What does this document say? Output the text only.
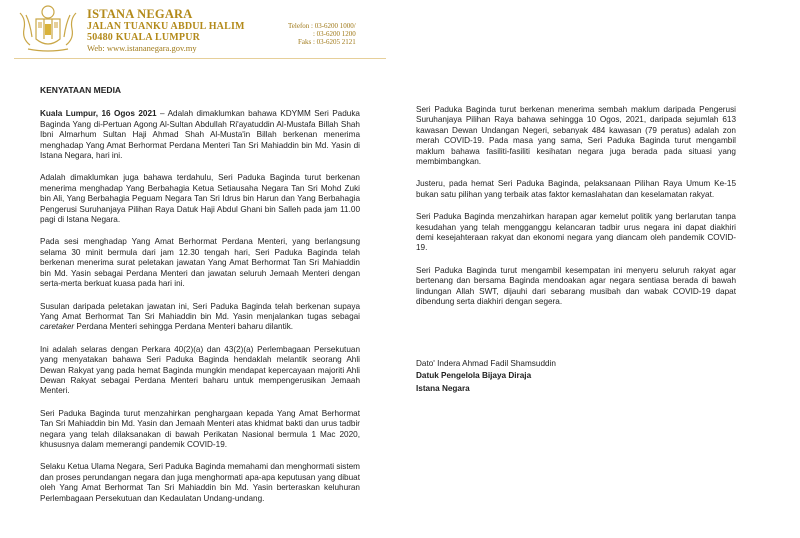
ISTANA NEGARA
JALAN TUANKU ABDUL HALIM
50480 KUALA LUMPUR
Web: www.istananegara.gov.my
Telefon : 03-6200 1000/
: 03-6200 1200
Faks : 03-6205 2121

KENYATAAN MEDIA

Kuala Lumpur, 16 Ogos 2021 – Adalah dimaklumkan bahawa KDYMM Seri Paduka Baginda Yang di-Pertuan Agong Al-Sultan Abdullah Ri'ayatuddin Al-Mustafa Billah Shah Ibni Almarhum Sultan Haji Ahmad Shah Al-Musta'in Billah berkenan menerima menghadap Yang Amat Berhormat Perdana Menteri Tan Sri Mahiaddin bin Md. Yasin di Istana Negara, hari ini.

Adalah dimaklumkan juga bahawa terdahulu, Seri Paduka Baginda turut berkenan menerima menghadap Yang Berbahagia Ketua Setiausaha Negara Tan Sri Mohd Zuki bin Ali, Yang Berbahagia Peguam Negara Tan Sri Idrus bin Harun dan Yang Berbahagia Pengerusi Suruhanjaya Pilihan Raya Datuk Haji Abdul Ghani bin Salleh pada jam 11.00 pagi di Istana Negara.

Pada sesi menghadap Yang Amat Berhormat Perdana Menteri, yang berlangsung selama 30 minit bermula dari jam 12.30 tengah hari, Seri Paduka Baginda telah berkenan menerima surat peletakan jawatan Yang Amat Berhormat Tan Sri Mahiaddin bin Md. Yasin sebagai Perdana Menteri dan jawatan seluruh Jemaah Menteri dengan serta-merta berkuat kuasa pada hari ini.

Susulan daripada peletakan jawatan ini, Seri Paduka Baginda telah berkenan supaya Yang Amat Berhormat Tan Sri Mahiaddin bin Md. Yasin menjalankan tugas sebagai caretaker Perdana Menteri sehingga Perdana Menteri baharu dilantik.

Ini adalah selaras dengan Perkara 40(2)(a) dan 43(2)(a) Perlembagaan Persekutuan yang menyatakan bahawa Seri Paduka Baginda hendaklah melantik seorang Ahli Dewan Rakyat yang pada hemat Baginda mungkin mendapat kepercayaan majoriti Ahli Dewan Rakyat sebagai Perdana Menteri baharu untuk mempengerusikan Jemaah Menteri.

Seri Paduka Baginda turut menzahirkan penghargaan kepada Yang Amat Berhormat Tan Sri Mahiaddin bin Md. Yasin dan Jemaah Menteri atas khidmat bakti dan urus tadbir negara yang telah dilaksanakan di bawah Perikatan Nasional bermula 1 Mac 2020, khususnya dalam memerangi pandemik COVID-19.

Selaku Ketua Ulama Negara, Seri Paduka Baginda memahami dan menghormati sistem dan proses perundangan negara dan juga menghormati apa-apa keputusan yang dibuat oleh Yang Amat Berhormat Tan Sri Mahiaddin bin Md. Yasin berteraskan keluhuran Perlembagaan Persekutuan dan Kedaulatan Undang-undang.

Seri Paduka Baginda turut berkenan menerima sembah maklum daripada Pengerusi Suruhanjaya Pilihan Raya bahawa sehingga 10 Ogos, 2021, daripada sejumlah 613 kawasan Dewan Undangan Negeri, sebanyak 484 kawasan (79 peratus) adalah zon merah COVID-19. Pada masa yang sama, Seri Paduka Baginda turut mengambil maklum bahawa fasiliti-fasiliti kesihatan negara juga berada pada situasi yang membimbangkan.

Justeru, pada hemat Seri Paduka Baginda, pelaksanaan Pilihan Raya Umum Ke-15 bukan satu pilihan yang terbaik atas faktor kemaslahatan dan keselamatan rakyat.

Seri Paduka Baginda menzahirkan harapan agar kemelut politik yang berlarutan tanpa kesudahan yang telah mengganggu kelancaran tadbir urus negara ini dapat diakhiri demi kesejahteraan rakyat dan ekonomi negara yang diancam oleh pandemik COVID-19.

Seri Paduka Baginda turut mengambil kesempatan ini menyeru seluruh rakyat agar bertenang dan bersama Baginda mendoakan agar negara sentiasa berada di bawah lindungan Allah SWT, dijauhi dari sebarang musibah dan wabak COVID-19 dapat dibendung serta diakhiri dengan segera.

Dato' Indera Ahmad Fadil Shamsuddin
Datuk Pengelola Bijaya Diraja
Istana Negara
